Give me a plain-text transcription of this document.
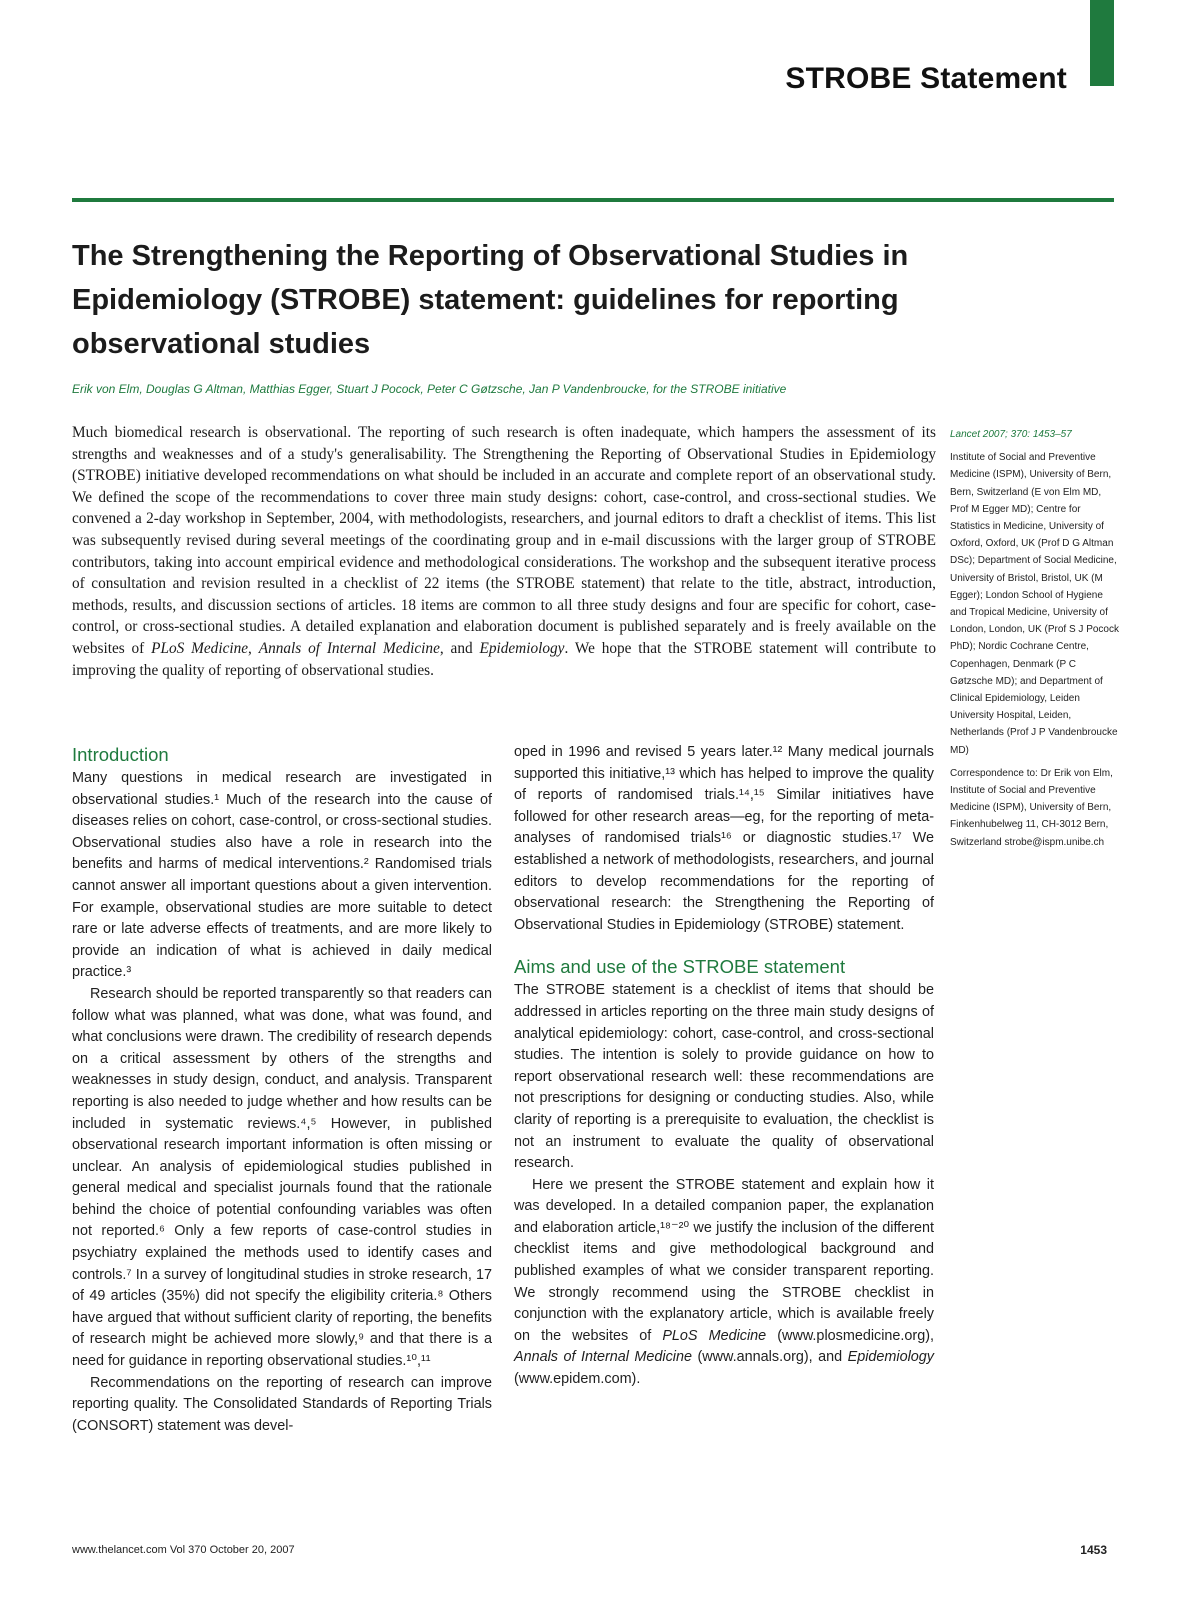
STROBE Statement
The Strengthening the Reporting of Observational Studies in Epidemiology (STROBE) statement: guidelines for reporting observational studies
Erik von Elm, Douglas G Altman, Matthias Egger, Stuart J Pocock, Peter C Gøtzsche, Jan P Vandenbroucke, for the STROBE initiative

Much biomedical research is observational. The reporting of such research is often inadequate, which hampers the assessment of its strengths and weaknesses and of a study's generalisability. The Strengthening the Reporting of Observational Studies in Epidemiology (STROBE) initiative developed recommendations on what should be included in an accurate and complete report of an observational study. We defined the scope of the recommendations to cover three main study designs: cohort, case-control, and cross-sectional studies. We convened a 2-day workshop in September, 2004, with methodologists, researchers, and journal editors to draft a checklist of items. This list was subsequently revised during several meetings of the coordinating group and in e-mail discussions with the larger group of STROBE contributors, taking into account empirical evidence and methodological considerations. The workshop and the subsequent iterative process of consultation and revision resulted in a checklist of 22 items (the STROBE statement) that relate to the title, abstract, introduction, methods, results, and discussion sections of articles. 18 items are common to all three study designs and four are specific for cohort, case-control, or cross-sectional studies. A detailed explanation and elaboration document is published separately and is freely available on the websites of PLoS Medicine, Annals of Internal Medicine, and Epidemiology. We hope that the STROBE statement will contribute to improving the quality of reporting of observational studies.

Lancet 2007; 370: 1453–57

Institute of Social and Preventive Medicine (ISPM), University of Bern, Bern, Switzerland (E von Elm MD, Prof M Egger MD); Centre for Statistics in Medicine, University of Oxford, Oxford, UK (Prof D G Altman DSc); Department of Social Medicine, University of Bristol, Bristol, UK (M Egger); London School of Hygiene and Tropical Medicine, University of London, London, UK (Prof S J Pocock PhD); Nordic Cochrane Centre, Copenhagen, Denmark (P C Gøtzsche MD); and Department of Clinical Epidemiology, Leiden University Hospital, Leiden, Netherlands (Prof J P Vandenbroucke MD)

Correspondence to: Dr Erik von Elm, Institute of Social and Preventive Medicine (ISPM), University of Bern, Finkenhubelweg 11, CH-3012 Bern, Switzerland strobe@ispm.unibe.ch

Introduction

Many questions in medical research are investigated in observational studies.¹ Much of the research into the cause of diseases relies on cohort, case-control, or cross-sectional studies. Observational studies also have a role in research into the benefits and harms of medical interventions.² Randomised trials cannot answer all important questions about a given intervention. For example, observational studies are more suitable to detect rare or late adverse effects of treatments, and are more likely to provide an indication of what is achieved in daily medical practice.³

Research should be reported transparently so that readers can follow what was planned, what was done, what was found, and what conclusions were drawn. The credibility of research depends on a critical assessment by others of the strengths and weaknesses in study design, conduct, and analysis. Transparent reporting is also needed to judge whether and how results can be included in systematic reviews.⁴,⁵ However, in published observational research important information is often missing or unclear. An analysis of epidemiological studies published in general medical and specialist journals found that the rationale behind the choice of potential confounding variables was often not reported.⁶ Only a few reports of case-control studies in psychiatry explained the methods used to identify cases and controls.⁷ In a survey of longitudinal studies in stroke research, 17 of 49 articles (35%) did not specify the eligibility criteria.⁸ Others have argued that without sufficient clarity of reporting, the benefits of research might be achieved more slowly,⁹ and that there is a need for guidance in reporting observational studies.¹⁰,¹¹

Recommendations on the reporting of research can improve reporting quality. The Consolidated Standards of Reporting Trials (CONSORT) statement was devel-

oped in 1996 and revised 5 years later.¹² Many medical journals supported this initiative,¹³ which has helped to improve the quality of reports of randomised trials.¹⁴,¹⁵ Similar initiatives have followed for other research areas—eg, for the reporting of meta-analyses of randomised trials¹⁶ or diagnostic studies.¹⁷ We established a network of methodologists, researchers, and journal editors to develop recommendations for the reporting of observational research: the Strengthening the Reporting of Observational Studies in Epidemiology (STROBE) statement.

Aims and use of the STROBE statement

The STROBE statement is a checklist of items that should be addressed in articles reporting on the three main study designs of analytical epidemiology: cohort, case-control, and cross-sectional studies. The intention is solely to provide guidance on how to report observational research well: these recommendations are not prescriptions for designing or conducting studies. Also, while clarity of reporting is a prerequisite to evaluation, the checklist is not an instrument to evaluate the quality of observational research.

Here we present the STROBE statement and explain how it was developed. In a detailed companion paper, the explanation and elaboration article,¹⁸⁻²⁰ we justify the inclusion of the different checklist items and give methodological background and published examples of what we consider transparent reporting. We strongly recommend using the STROBE checklist in conjunction with the explanatory article, which is available freely on the websites of PLoS Medicine (www.plosmedicine.org), Annals of Internal Medicine (www.annals.org), and Epidemiology (www.epidem.com).

www.thelancet.com Vol 370 October 20, 2007	1453
